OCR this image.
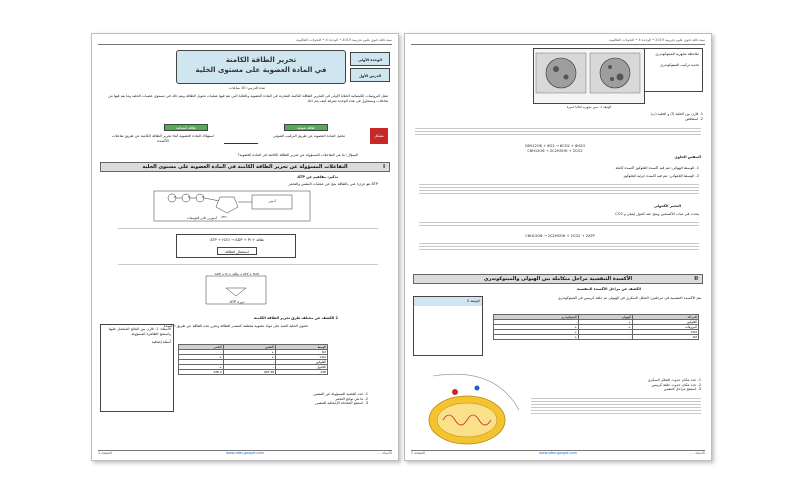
سنة ثالثة ثانوي علوم تجريبية 2019 • الوحدة 4 • التحولات الطاقوية
الوحدة الأولى
الدرس الأول
تحرير الطاقة الكامنة
في المادة العضوية على مستوى الخلية
مدة الدرس: 10 ساعات
تمثل البروتينات الكيميائية الخلايا الأولى في التحرير الطاقة الكامنة المخزنة في المادة العضوية والخلايا التي تتم فيها عمليات تحويل الطاقة ويتم ذلك في مستوى عضيات الخلية وما يتم فيها من تفاعلات وسنحاول في هذه الوحدة معرفة كيف يتم ذلك
مشكل
طاقة ضوئية
طاقة كيميائية
تحليل المادة العضوية عن طريق التركيب الضوئي
استهلاك المادة العضوية أثناء تحرير الطاقة الكامنة عن طريق تفاعلات الأكسدة
السؤال: ما هي التفاعلات المسؤولة عن تحرير الطاقة الكامنة في المادة العضوية؟
I
التفاعلات المسؤولة عن تحرير الطاقة الكامنة في المادة العضوية على مستوى الخلية
تذكير: مفاهيم عن ATP
ATP هو جزيء غني بالطاقة ينتج عن عمليات التنفس والتخمر
P	P	P
ريبوز
أدينين
أدينوزين ثلاثي الفوسفات
ATP + H2O → ADP + Pi + طاقة
استعمال الطاقة
ADP + Pi + طاقة → ATP + H2O
دورة ATP
2 الكشف عن مختلف طرق تحرير الطاقة الكامنة
تحتوي الخلية الحية على مواد عضوية مختلفة كمصدر للطاقة وتحرر هذه الطاقة عن طريق الأكسدة
الأسئلة: 1- قارن بين النتائج المحصل عليها واستنتج الظاهرة المسؤولة
أسئلة إضافية
الوسط	التنفس	التخمر
O2	+	-
CO2	+	+
الغلوكوز	-	-
الكحول	-	+
ATP	38 ATP	2 ATP
1- حدد العضية المسؤولة عن التنفس
2- ما هي نواتج التخمر
3- استنتج المعادلة الإجمالية للتنفس
الأستاذ: ...
www.sites.google.com
الصفحة 1
سنة ثالثة ثانوي علوم تجريبية 2019 • الوحدة 4 • التحولات الطاقوية
ملاحظة مجهرية للميتوكوندري
تحديد تركيب الميتوكوندري
الوثيقة 1: صور مجهرية لخلايا خميرة
1- قارن بين الخلية (أ) و الخلية (ب)
2- استخلص
C6H12O6 + 6O2 → 6CO2 + 6H2O
C6H12O6 → 2C2H5OH + 2CO2
التنفس الخلوي
1- الوسط الهوائي: تتم فيه أكسدة الغلوكوز أكسدة كاملة
2- الوسط اللاهوائي: تتم فيه أكسدة جزئية للغلوكوز
التخمر الكحولي
يحدث في غياب الأكسجين وينتج عنه كحول إيثيلي و CO2
C6H12O6 → 2C2H5OH + 2CO2 + 2ATP
II
الأكسدة التنفسية مراحل متكاملة بين الهيولى والميتوكوندري
الكشف عن مراحل الأكسدة التنفسية
الوثيقة 3
تتم الأكسدة التنفسية في مرحلتين: التحلل السكري في الهيولى ثم حلقة كريبس في الميتوكوندري
المرحلة	الهيولى	الميتوكوندري
الغلوكوز	+	-
البيروفات	+	+
CO2	-	+
O2	-	+
1- حدد مكان حدوث التحلل السكري
2- حدد مكان حدوث حلقة كريبس
3- استنتج مراحل التنفس
الأستاذ: ...
www.sites.google.com
الصفحة 2
